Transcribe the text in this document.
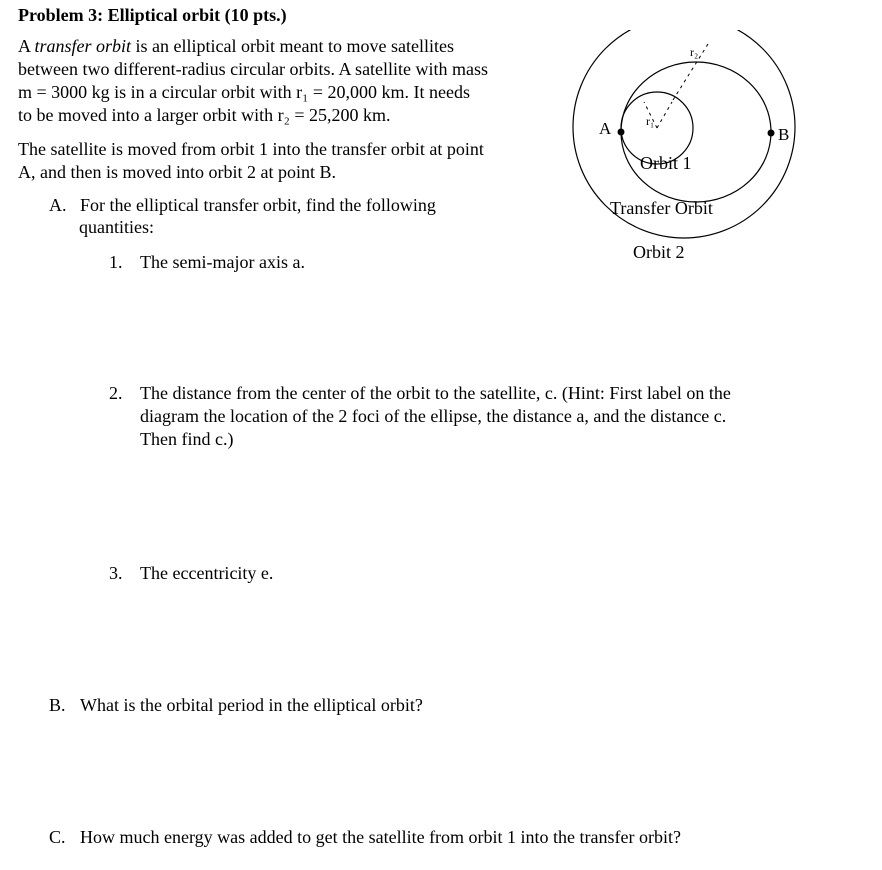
Problem 3: Elliptical orbit (10 pts.)
A transfer orbit is an elliptical orbit meant to move satellites
between two different-radius circular orbits. A satellite with mass
m = 3000 kg is in a circular orbit with r₁ = 20,000 km. It needs
to be moved into a larger orbit with r₂ = 25,200 km.
The satellite is moved from orbit 1 into the transfer orbit at point
A, and then is moved into orbit 2 at point B.
A. For the elliptical transfer orbit, find the following
quantities:
1. The semi-major axis a.
2. The distance from the center of the orbit to the satellite, c. (Hint: First label on the
diagram the location of the 2 foci of the ellipse, the distance a, and the distance c.
Then find c.)
3. The eccentricity e.
B. What is the orbital period in the elliptical orbit?
C. How much energy was added to get the satellite from orbit 1 into the transfer orbit?
A	B
r₁
r₂
Orbit 1
Transfer Orbit
Orbit 2
